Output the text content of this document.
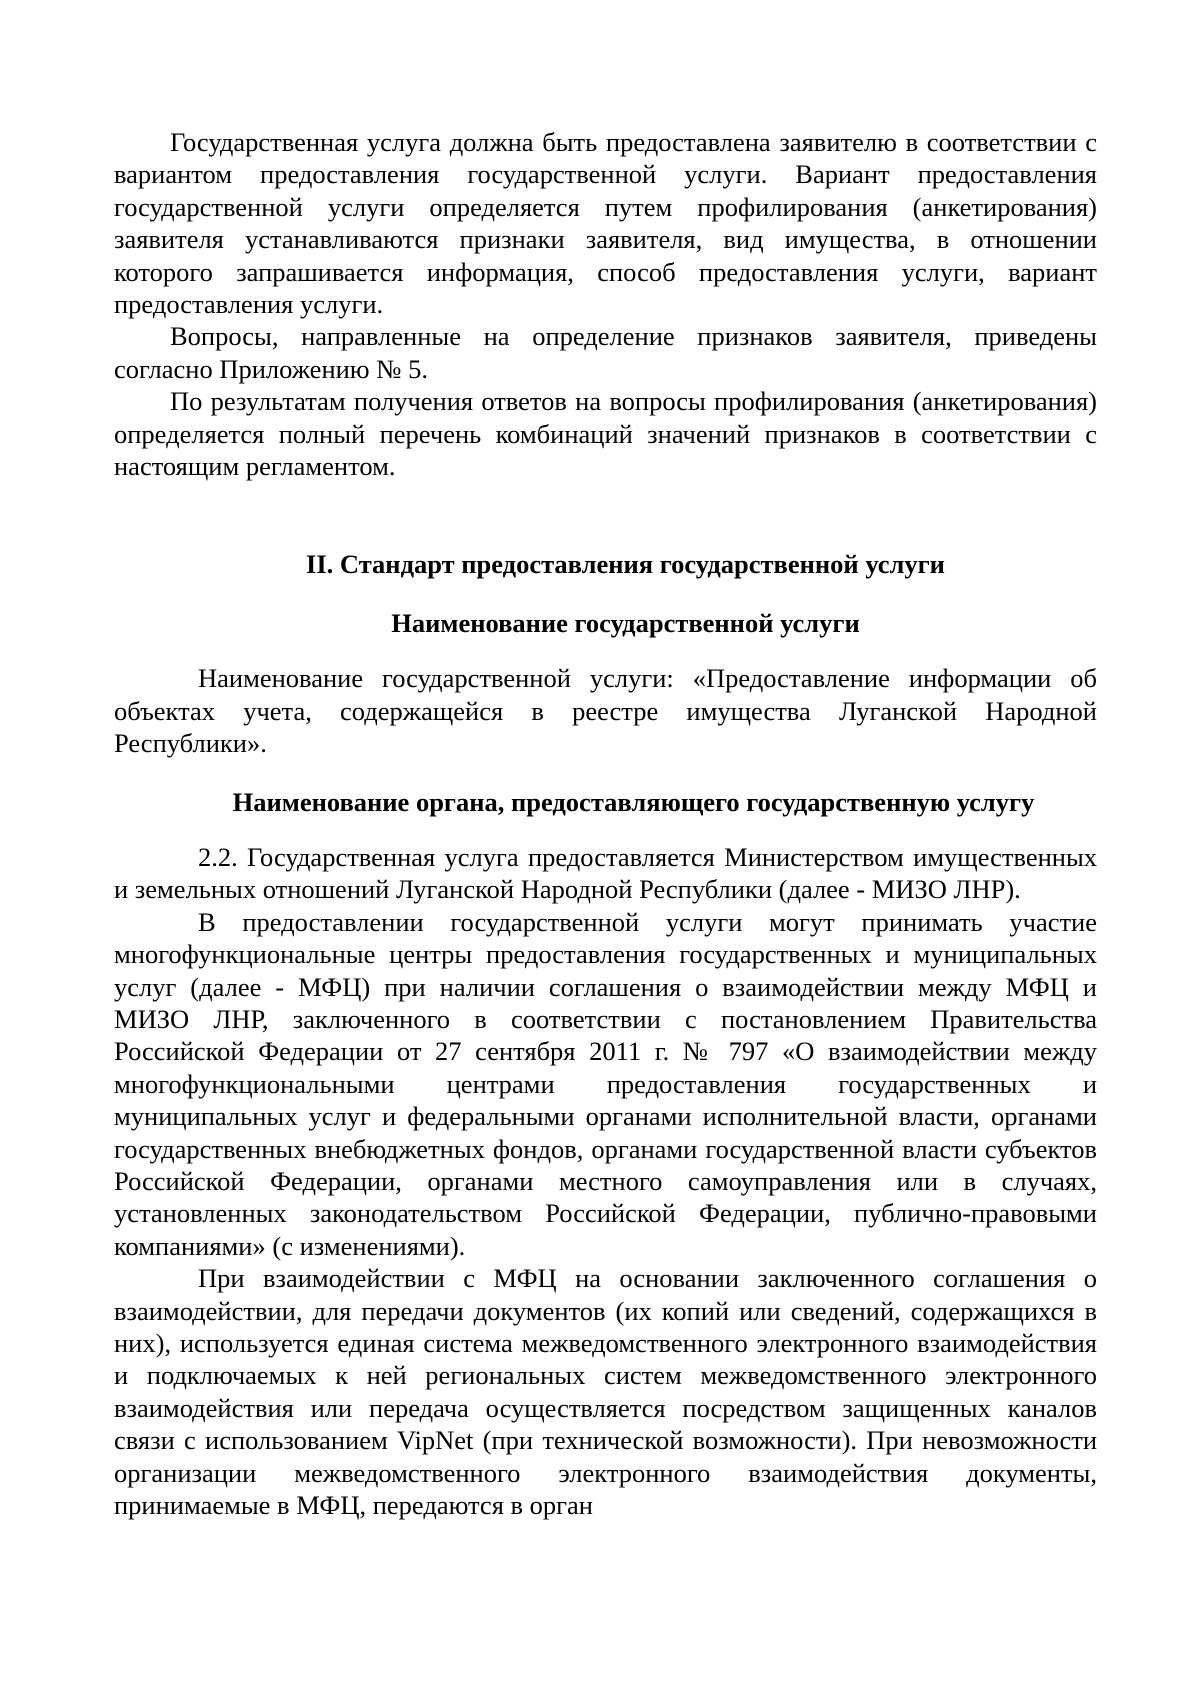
Государственная услуга должна быть предоставлена заявителю в соответствии с вариантом предоставления государственной услуги. Вариант предоставления государственной услуги определяется путем профилирования (анкетирования) заявителя устанавливаются признаки заявителя, вид имущества, в отношении которого запрашивается информация, способ предоставления услуги, вариант предоставления услуги.

Вопросы, направленные на определение признаков заявителя, приведены согласно Приложению № 5.

По результатам получения ответов на вопросы профилирования (анкетирования) определяется полный перечень комбинаций значений признаков в соответствии с настоящим регламентом.

II. Стандарт предоставления государственной услуги
Наименование государственной услуги

Наименование государственной услуги: «Предоставление информации об объектах учета, содержащейся в реестре имущества Луганской Народной Республики».

Наименование органа, предоставляющего государственную услугу

2.2. Государственная услуга предоставляется Министерством имущественных и земельных отношений Луганской Народной Республики (далее - МИЗО ЛНР).

В предоставлении государственной услуги могут принимать участие многофункциональные центры предоставления государственных и муниципальных услуг (далее - МФЦ) при наличии соглашения о взаимодействии между МФЦ и МИЗО ЛНР, заключенного в соответствии с постановлением Правительства Российской Федерации от 27 сентября 2011 г. № 797 «О взаимодействии между многофункциональными центрами предоставления государственных и муниципальных услуг и федеральными органами исполнительной власти, органами государственных внебюджетных фондов, органами государственной власти субъектов Российской Федерации, органами местного самоуправления или в случаях, установленных законодательством Российской Федерации, публично-правовыми компаниями» (с изменениями).

При взаимодействии с МФЦ на основании заключенного соглашения о взаимодействии, для передачи документов (их копий или сведений, содержащихся в них), используется единая система межведомственного электронного взаимодействия и подключаемых к ней региональных систем межведомственного электронного взаимодействия или передача осуществляется посредством защищенных каналов связи с использованием VipNet (при технической возможности). При невозможности организации межведомственного электронного взаимодействия документы, принимаемые в МФЦ, передаются в орган
